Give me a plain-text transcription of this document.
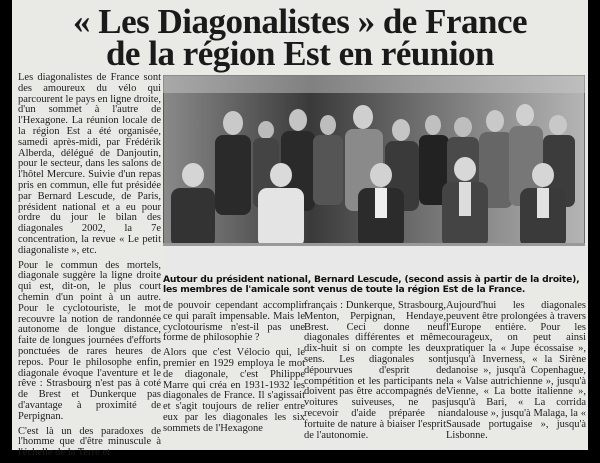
« Les Diagonalistes » de France
de la région Est en réunion

Les diagonalistes de France sont des amoureux du vélo qui parcourent le pays en ligne droite, d'un sommet à l'autre de l'Hexagone. La réunion locale de la région Est a été organisée, samedi après-midi, par Frédérik Alberda, délégué de Danjoutin, pour le secteur, dans les salons de l'hôtel Mercure. Suivie d'un repas pris en commun, elle fut présidée par Bernard Lescude, de Paris, président national et a eu pour ordre du jour le bilan des diagonales 2002, la 7e concentration, la revue « Le petit diagonaliste », etc.

Pour le commun des mortels, diagonale suggère la ligne droite qui est, dit-on, le plus court chemin d'un point à un autre. Pour le cyclotouriste, le mot recouvre la notion de randonnée autonome de longue distance, faite de longues journées d'efforts ponctuées de rares heures de repos. Pour le philosophe enfin, diagonale évoque l'aventure et le rêve : Strasbourg n'est pas à coté de Brest et Dunkerque pas d'avantage à proximité de Perpignan.

C'est là un des paradoxes de l'homme que d'être minuscule à l'échelle de la Terre et

Autour du président national, Bernard Lescude, (second assis à partir de la droite), les membres de l'amicale sont venus de toute la région Est de la France.

de pouvoir cependant accomplir ce qui paraît impensable. Mais le cyclotourisme n'est-il pas une forme de philosophie ?

Alors que c'est Vélocio qui, le premier en 1929 employa le mot de diagonale, c'est Philippe Marre qui créa en 1931-1932 les diagonales de France. Il s'agissait et s'agit toujours de relier entre eux par les diagonales les six sommets de l'Hexagone

français : Dunkerque, Strasbourg, Menton, Perpignan, Hendaye, Brest. Ceci donne neuf diagonales différentes et même dix-huit si on compte les deux sens. Les diagonales sont dépourvues d'esprit de compétition et les participants ne doivent pas être accompagnés de voitures suiveuses, ne pas recevoir d'aide préparée ni fortuite de nature à biaiser l'esprit de l'autonomie.

Aujourd'hui les diagonales peuvent être prolongées à travers l'Europe entière. Pour les courageux, on peut ainsi pratiquer la « Jupe écossaise », jusqu'à Inverness, « la Sirène danoise », jusqu'à Copenhague, la « Valse autrichienne », jusqu'à Vienne, « La botte italienne », jusqu'à Bari, « La corrida andalouse », jusqu'à Malaga, la « Sausade portugaise », jusqu'à Lisbonne.
